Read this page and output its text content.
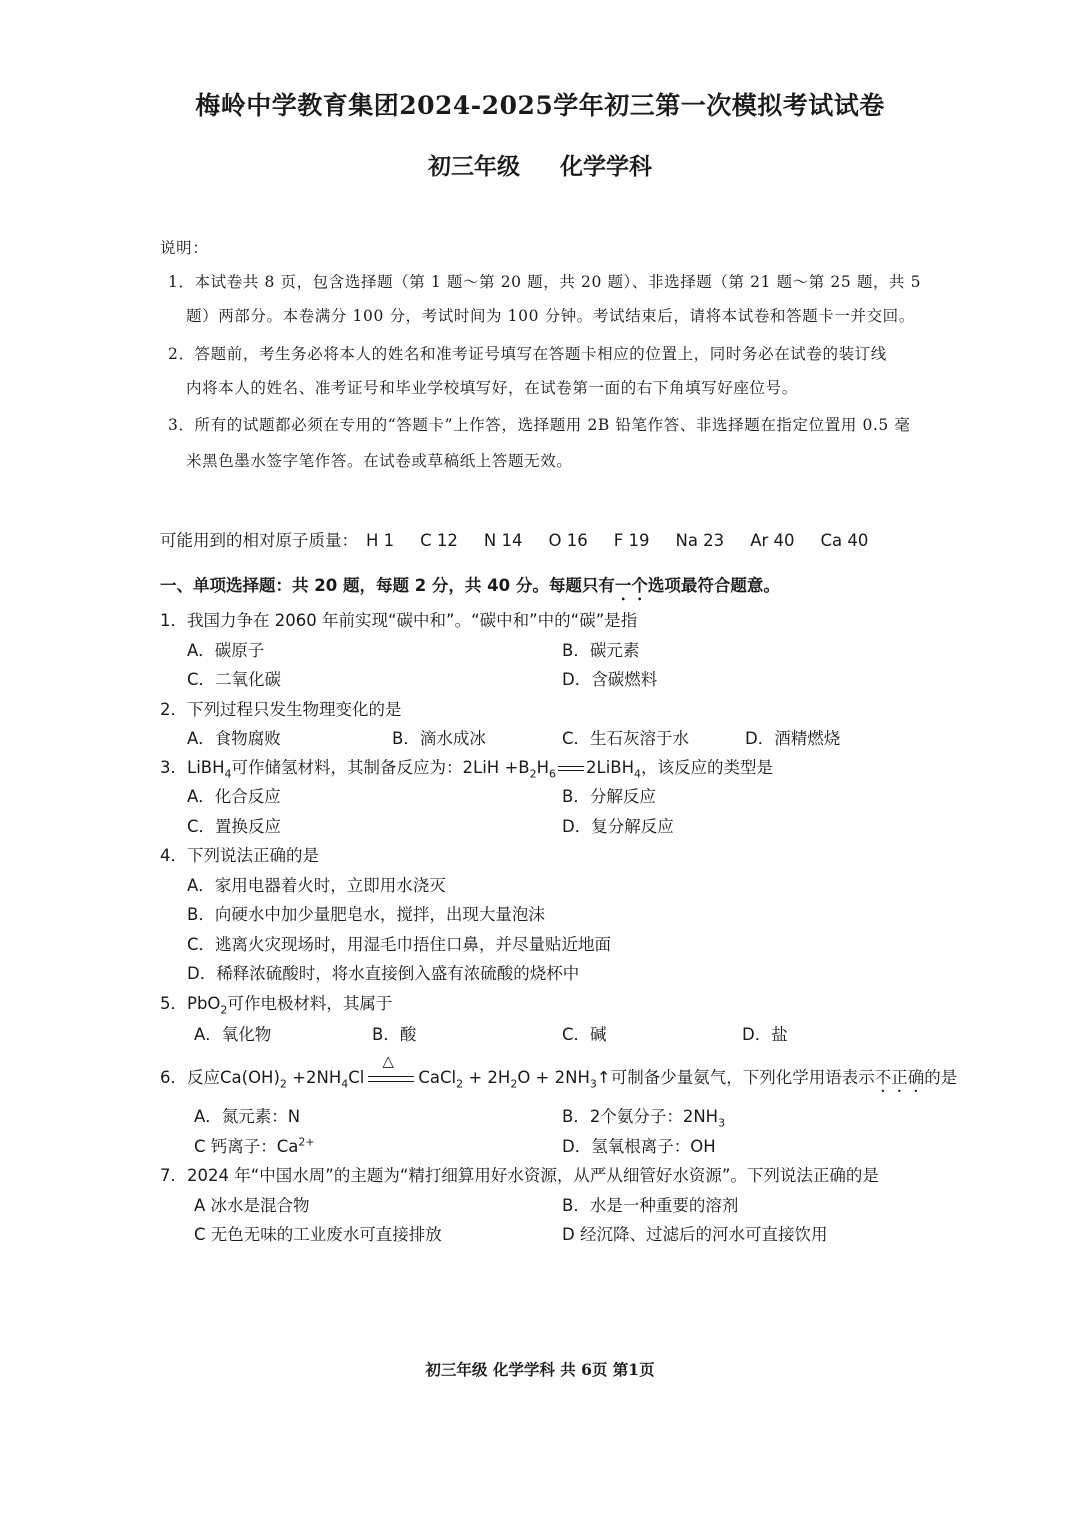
梅岭中学教育集团2024-2025学年初三第一次模拟考试试卷
初三年级 化学学科
说明：
1．本试卷共 8 页，包含选择题（第 1 题～第 20 题，共 20 题）、非选择题（第 21 题～第 25 题，共 5
题）两部分。本卷满分 100 分，考试时间为 100 分钟。考试结束后，请将本试卷和答题卡一并交回。
2．答题前，考生务必将本人的姓名和准考证号填写在答题卡相应的位置上，同时务必在试卷的装订线
内将本人的姓名、准考证号和毕业学校填写好，在试卷第一面的右下角填写好座位号。
3．所有的试题都必须在专用的“答题卡”上作答，选择题用 2B 铅笔作答、非选择题在指定位置用 0.5 毫
米黑色墨水签字笔作答。在试卷或草稿纸上答题无效。
可能用到的相对原子质量： H 1 C 12 N 14 O 16 F 19 Na 23 Ar 40 Ca 40
一、单项选择题：共 20 题，每题 2 分，共 40 分。每题只有一个选项最符合题意。
1．我国力争在 2060 年前实现“碳中和”。“碳中和”中的“碳”是指
A．碳原子	B．碳元素
C．二氧化碳	D．含碳燃料
2．下列过程只发生物理变化的是
A．食物腐败	B．滴水成冰	C．生石灰溶于水	D．酒精燃烧
3．LiBH$_4$可作储氢材料，其制备反应为：$2LiH +B_2H_6$ 2LiBH$_4$，该反应的类型是
A．化合反应	B．分解反应
C．置换反应	D．复分解反应
4．下列说法正确的是
A．家用电器着火时，立即用水浇灭
B．向硬水中加少量肥皂水，搅拌，出现大量泡沫
C．逃离火灾现场时，用湿毛巾捂住口鼻，并尽量贴近地面
D．稀释浓硫酸时，将水直接倒入盛有浓硫酸的烧杯中
5．PbO$_2$可作电极材料，其属于
A．氧化物	B．酸	C．碱	D．盐
6．反应$Ca(OH)_2 +2NH_4Cl$
△
CaCl$_2$ + $2H_2O$ + $2NH_3↑$可制备少量氨气，下列化学用语表示不正确的是
A．氮元素：N	B．2个氨分子：$2NH_3$
C 钙离子：$Ca^{2+}$	D．氢氧根离子：OH
7．2024 年“中国水周”的主题为“精打细算用好水资源，从严从细管好水资源”。下列说法正确的是
A 冰水是混合物	B．水是一种重要的溶剂
C 无色无味的工业废水可直接排放	D 经沉降、过滤后的河水可直接饮用
初三年级 化学学科 共 6页 第1页
